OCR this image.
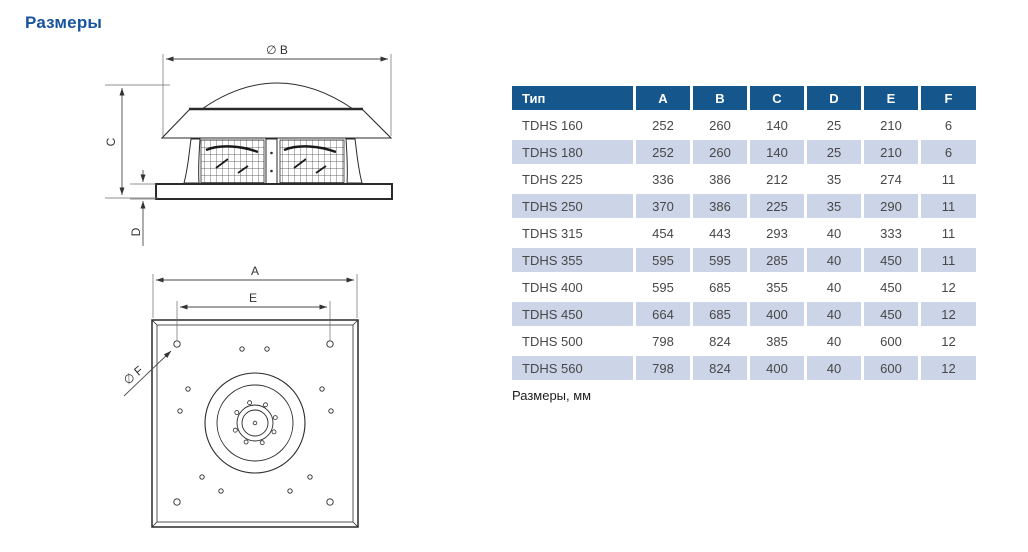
Размеры
∅ B
C
D
A
E
∅ F
Тип	A	B	C	D	E	F
TDHS 160	252	260	140	25	210	6
TDHS 180	252	260	140	25	210	6
TDHS 225	336	386	212	35	274	11
TDHS 250	370	386	225	35	290	11
TDHS 315	454	443	293	40	333	11
TDHS 355	595	595	285	40	450	11
TDHS 400	595	685	355	40	450	12
TDHS 450	664	685	400	40	450	12
TDHS 500	798	824	385	40	600	12
TDHS 560	798	824	400	40	600	12
Размеры, мм
